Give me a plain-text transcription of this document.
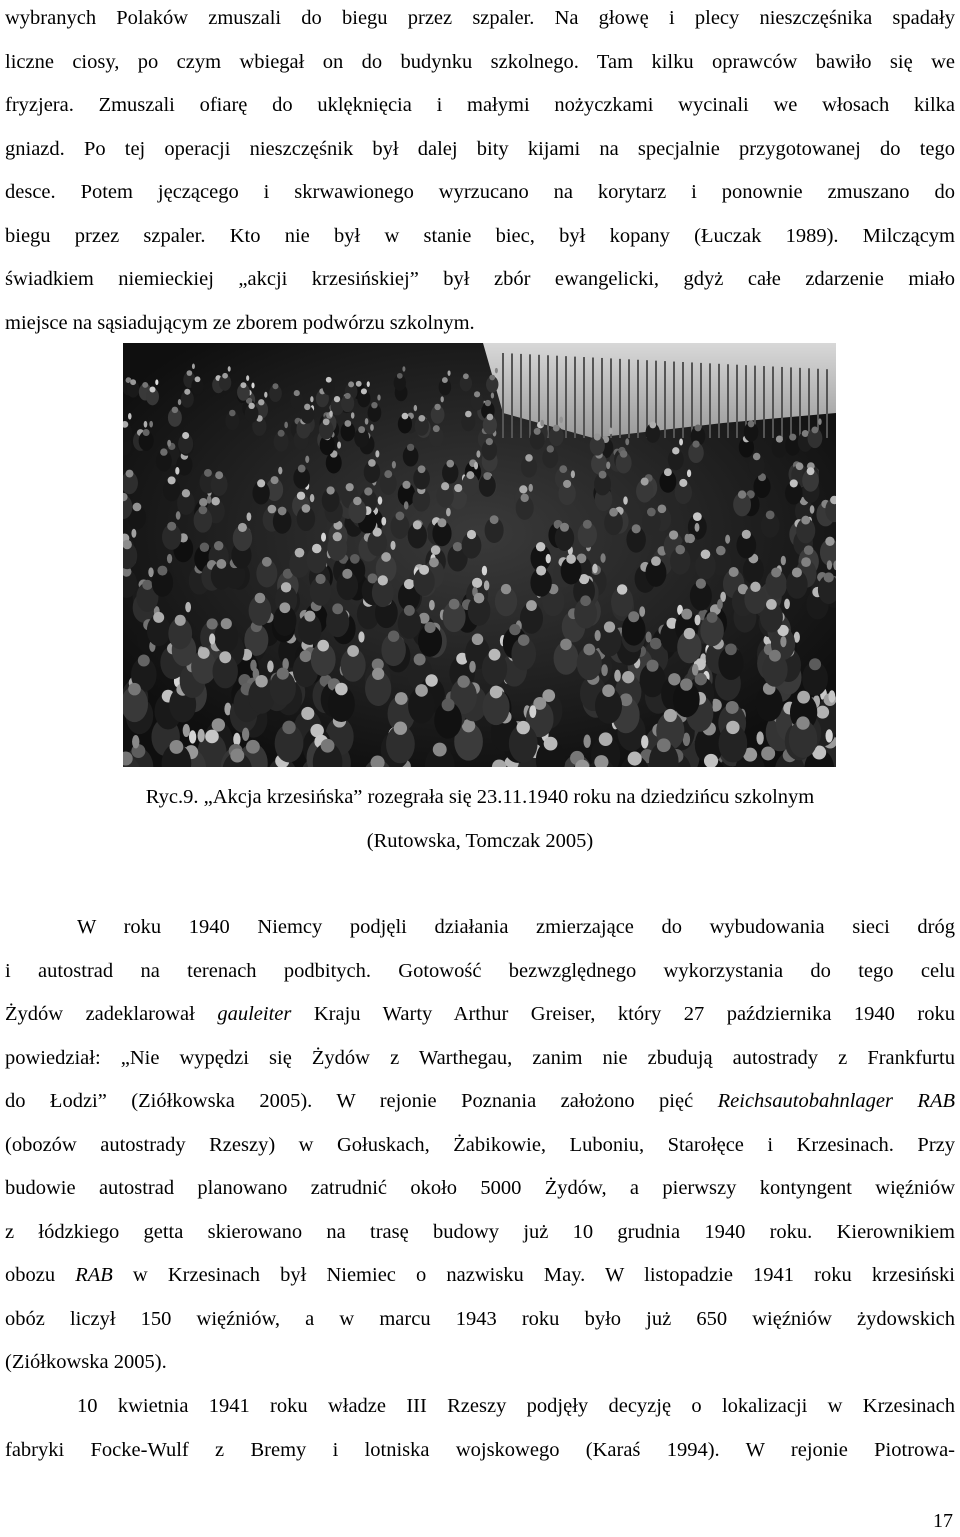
wybranych Polaków zmuszali do biegu przez szpaler. Na głowę i plecy nieszczęśnika spadały
liczne ciosy, po czym wbiegał on do budynku szkolnego. Tam kilku oprawców bawiło się we
fryzjera. Zmuszali ofiarę do uklęknięcia i małymi nożyczkami wycinali we włosach kilka
gniazd. Po tej operacji nieszczęśnik był dalej bity kijami na specjalnie przygotowanej do tego
desce. Potem jęczącego i skrwawionego wyrzucano na korytarz i ponownie zmuszano do
biegu przez szpaler. Kto nie był w stanie biec, był kopany (Łuczak 1989). Milczącym
świadkiem niemieckiej „akcji krzesińskiej” był zbór ewangelicki, gdyż całe zdarzenie miało
miejsce na sąsiadującym ze zborem podwórzu szkolnym.

Ryc.9. „Akcja krzesińska” rozegrała się 23.11.1940 roku na dziedzińcu szkolnym

(Rutowska, Tomczak 2005)

W roku 1940 Niemcy podjęli działania zmierzające do wybudowania sieci dróg
i autostrad na terenach podbitych. Gotowość bezwzględnego wykorzystania do tego celu
Żydów zadeklarował gauleiter Kraju Warty Arthur Greiser, który 27 października 1940 roku
powiedział: „Nie wypędzi się Żydów z Warthegau, zanim nie zbudują autostrady z Frankfurtu
do Łodzi” (Ziółkowska 2005). W rejonie Poznania założono pięć Reichsautobahnlager RAB
(obozów autostrady Rzeszy) w Gołuskach, Żabikowie, Luboniu, Starołęce i Krzesinach. Przy
budowie autostrad planowano zatrudnić około 5000 Żydów, a pierwszy kontyngent więźniów
z łódzkiego getta skierowano na trasę budowy już 10 grudnia 1940 roku. Kierownikiem
obozu RAB w Krzesinach był Niemiec o nazwisku May. W listopadzie 1941 roku krzesiński
obóz liczył 150 więźniów, a w marcu 1943 roku było już 650 więźniów żydowskich
(Ziółkowska 2005).

10 kwietnia 1941 roku władze III Rzeszy podjęły decyzję o lokalizacji w Krzesinach
fabryki Focke-Wulf z Bremy i lotniska wojskowego (Karaś 1994). W rejonie Piotrowa-

17
